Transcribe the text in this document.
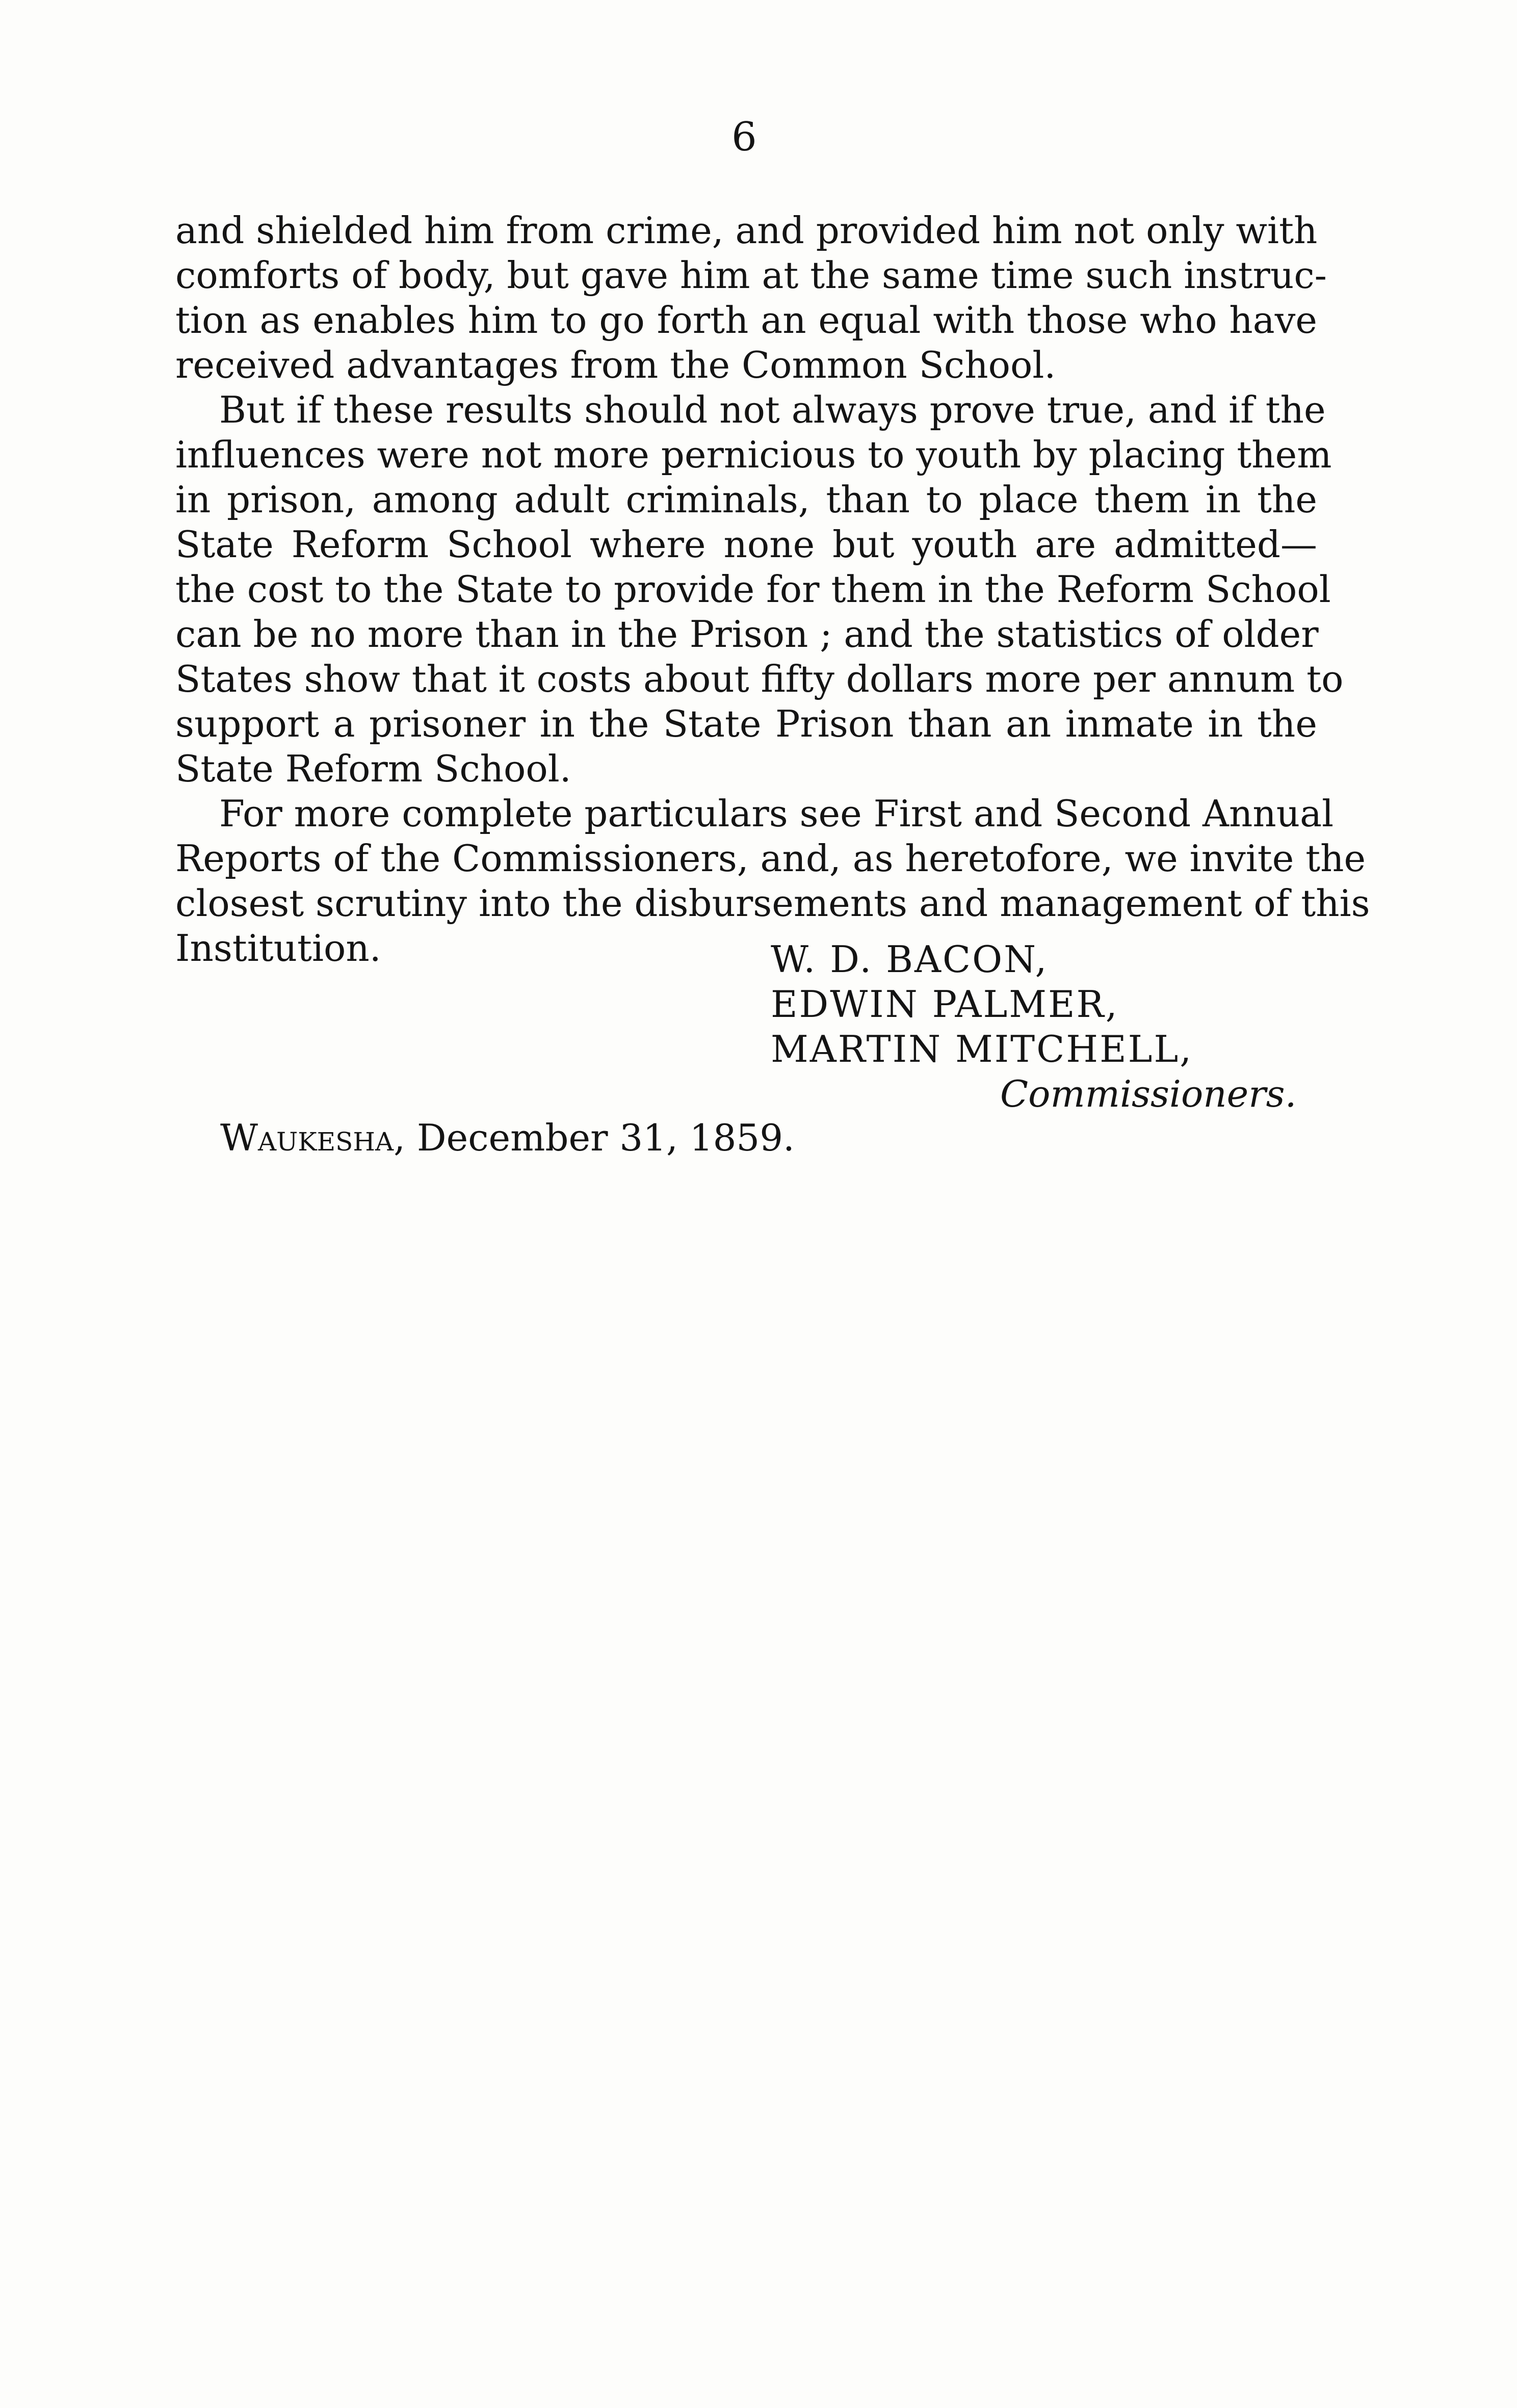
6
and shielded him from crime, and provided him not only with
comforts of body, but gave him at the same time such instruc-
tion as enables him to go forth an equal with those who have
received advantages from the Common School.
But if these results should not always prove true, and if the
influences were not more pernicious to youth by placing them
in prison, among adult criminals, than to place them in the
State Reform School where none but youth are admitted—
the cost to the State to provide for them in the Reform School
can be no more than in the Prison ; and the statistics of older
States show that it costs about fifty dollars more per annum to
support a prisoner in the State Prison than an inmate in the
State Reform School.
For more complete particulars see First and Second Annual
Reports of the Commissioners, and, as heretofore, we invite the
closest scrutiny into the disbursements and management of this
Institution.	W. D. BACON,
EDWIN PALMER,
MARTIN MITCHELL,
Commissioners.
Waukesha, December 31, 1859.
